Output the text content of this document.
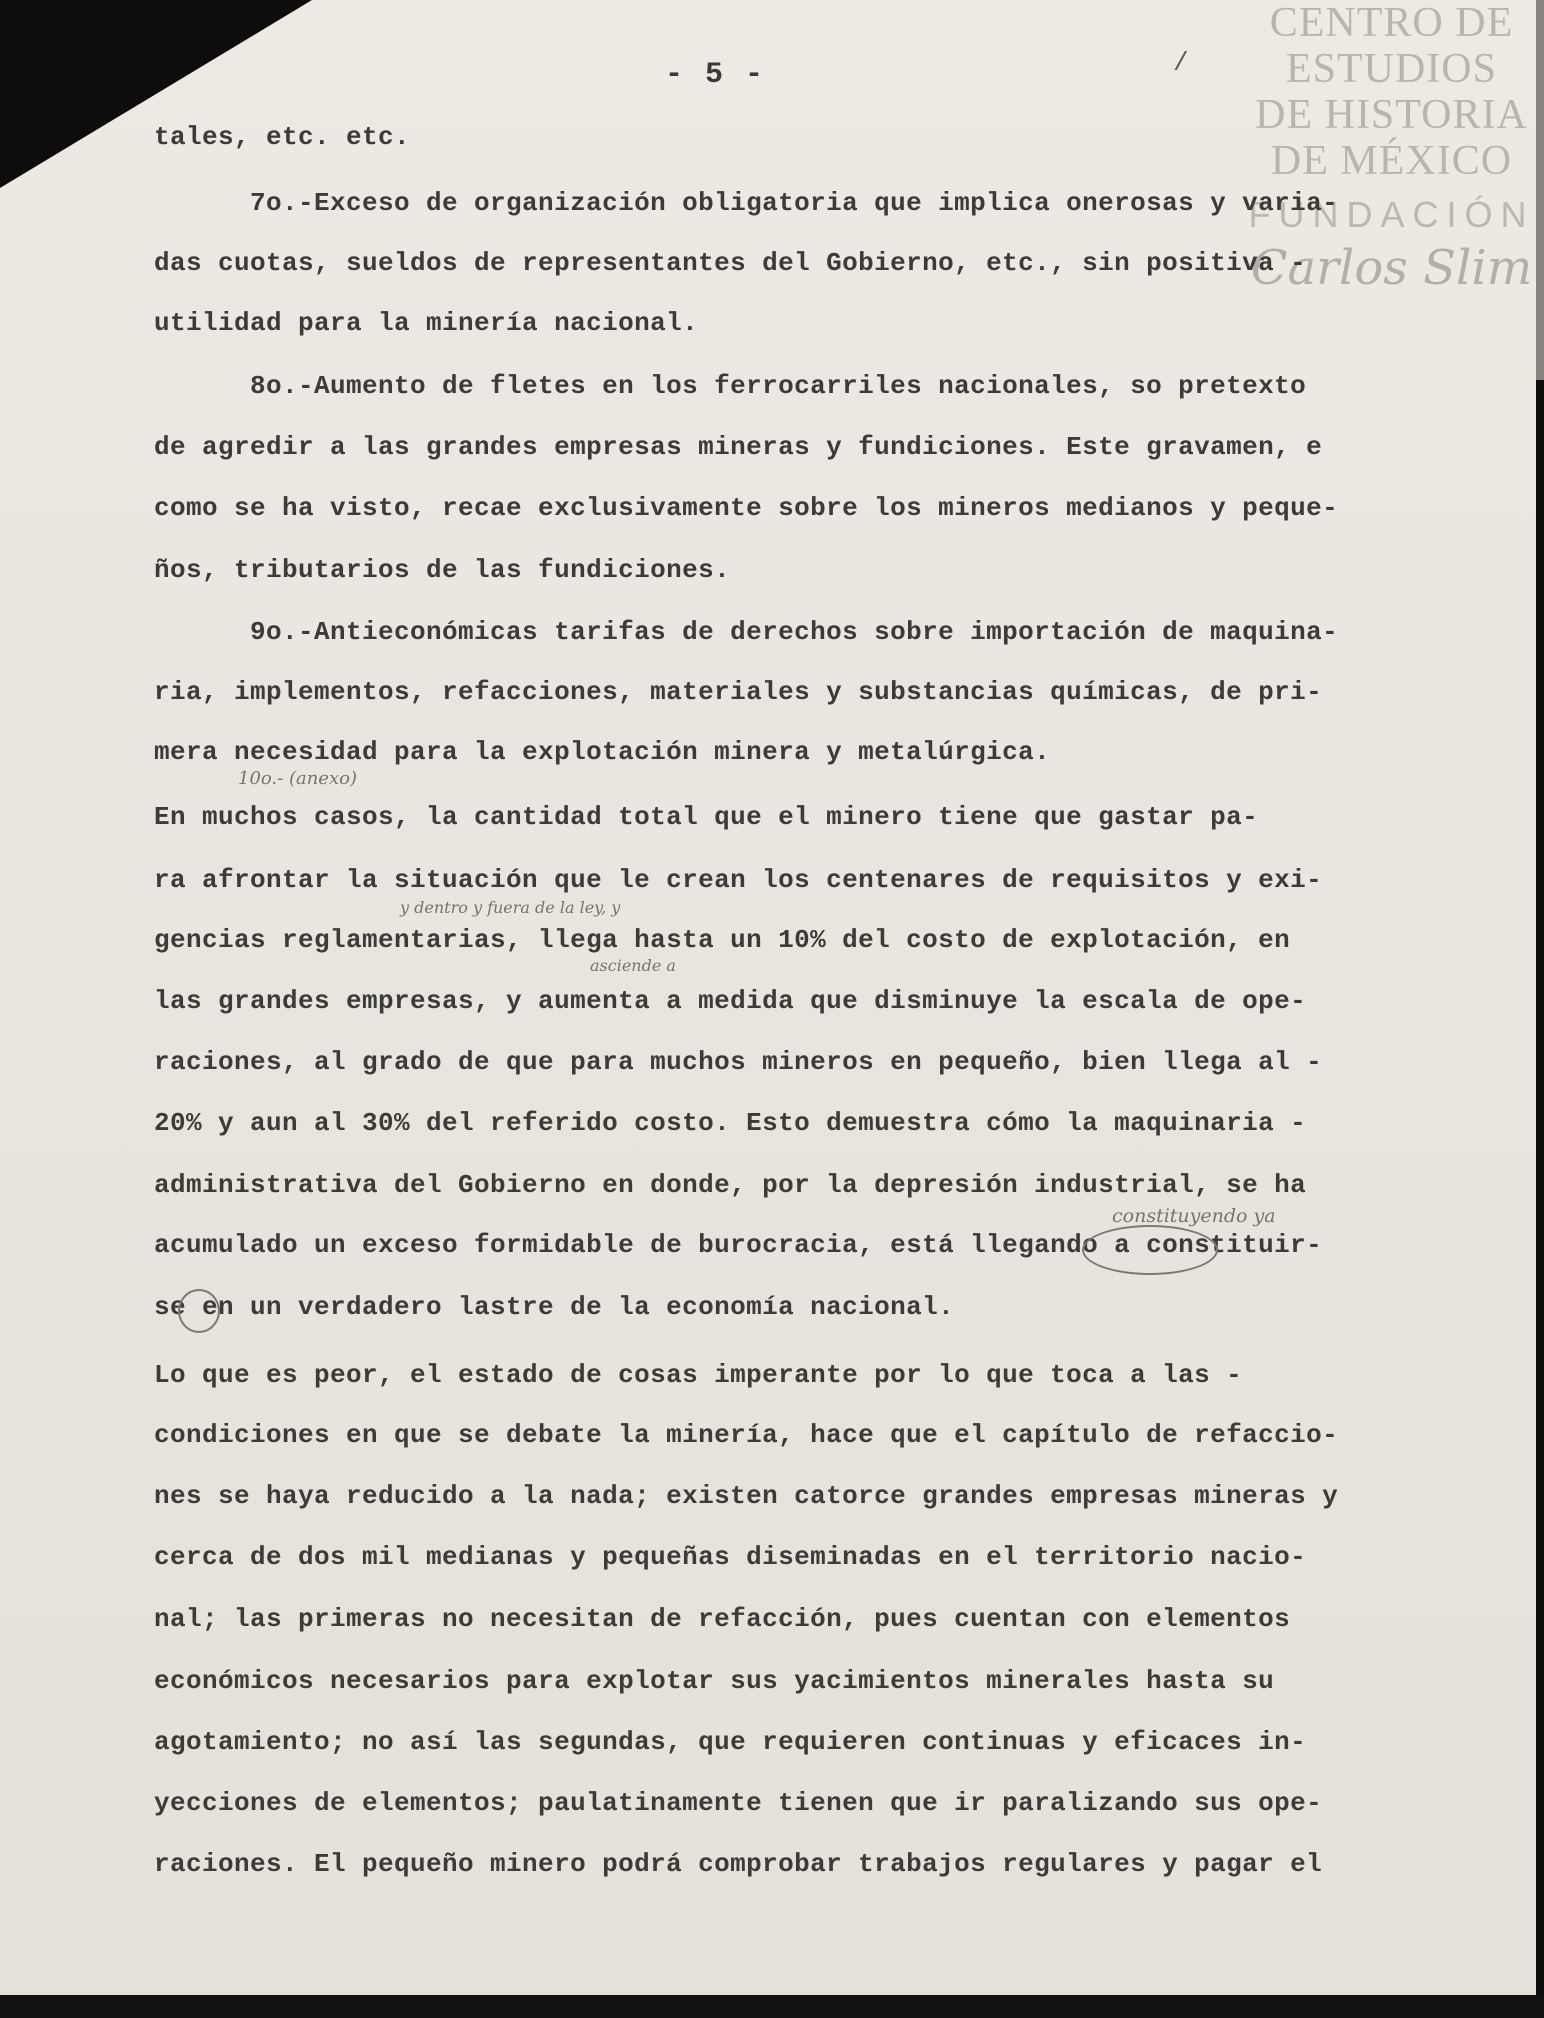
CENTRO DE
ESTUDIOS
DE HISTORIA
DE MÉXICO
FUNDACIÓN
Carlos Slim
- 5 -	/
tales, etc. etc.
7o.-Exceso de organización obligatoria que implica onerosas y varia-
das cuotas, sueldos de representantes del Gobierno, etc., sin positiva -
utilidad para la minería nacional.
8o.-Aumento de fletes en los ferrocarriles nacionales, so pretexto
de agredir a las grandes empresas mineras y fundiciones. Este gravamen, e
como se ha visto, recae exclusivamente sobre los mineros medianos y peque-
ños, tributarios de las fundiciones.
9o.-Antieconómicas tarifas de derechos sobre importación de maquina-
ria, implementos, refacciones, materiales y substancias químicas, de pri-
mera necesidad para la explotación minera y metalúrgica.
En muchos casos, la cantidad total que el minero tiene que gastar pa-
ra afrontar la situación que le crean los centenares de requisitos y exi-
gencias reglamentarias, llega hasta un 10% del costo de explotación, en
las grandes empresas, y aumenta a medida que disminuye la escala de ope-
raciones, al grado de que para muchos mineros en pequeño, bien llega al -
20% y aun al 30% del referido costo. Esto demuestra cómo la maquinaria -
administrativa del Gobierno en donde, por la depresión industrial, se ha
acumulado un exceso formidable de burocracia, está llegando a constituir-
se en un verdadero lastre de la economía nacional.
Lo que es peor, el estado de cosas imperante por lo que toca a las -
condiciones en que se debate la minería, hace que el capítulo de refaccio-
nes se haya reducido a la nada; existen catorce grandes empresas mineras y
cerca de dos mil medianas y pequeñas diseminadas en el territorio nacio-
nal; las primeras no necesitan de refacción, pues cuentan con elementos
económicos necesarios para explotar sus yacimientos minerales hasta su
agotamiento; no así las segundas, que requieren continuas y eficaces in-
yecciones de elementos; paulatinamente tienen que ir paralizando sus ope-
raciones. El pequeño minero podrá comprobar trabajos regulares y pagar el
10o.- (anexo)
y dentro y fuera de la ley, y
asciende a
constituyendo ya
